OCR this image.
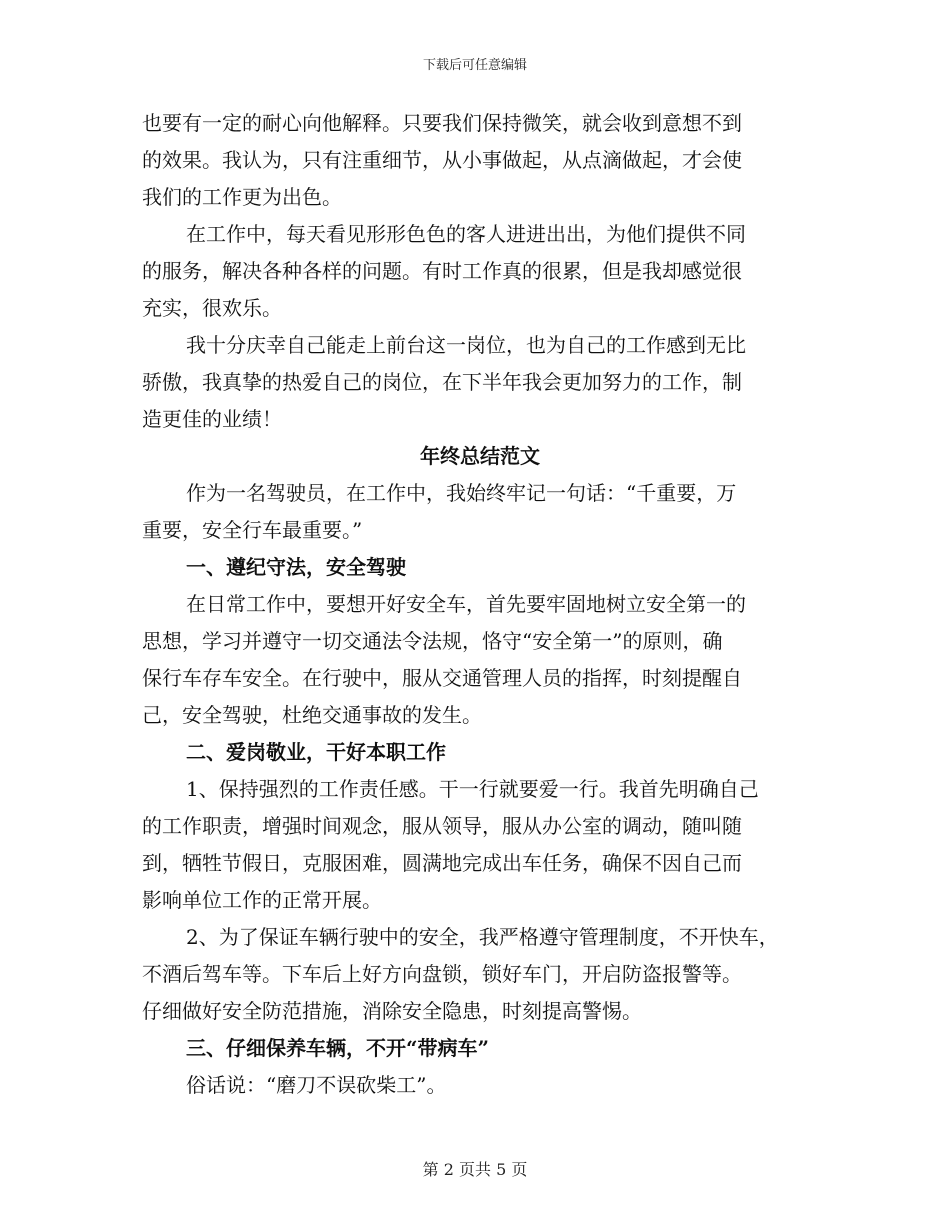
下载后可任意编辑
也要有一定的耐心向他解释。只要我们保持微笑，就会收到意想不到
的效果。我认为，只有注重细节，从小事做起，从点滴做起，才会使
我们的工作更为出色。
在工作中，每天看见形形色色的客人进进出出，为他们提供不同
的服务，解决各种各样的问题。有时工作真的很累，但是我却感觉很
充实，很欢乐。
我十分庆幸自己能走上前台这一岗位，也为自己的工作感到无比
骄傲，我真挚的热爱自己的岗位，在下半年我会更加努力的工作，制
造更佳的业绩！
年终总结范文
作为一名驾驶员，在工作中，我始终牢记一句话：“千重要，万
重要，安全行车最重要。”
一、遵纪守法，安全驾驶
在日常工作中，要想开好安全车，首先要牢固地树立安全第一的
思想，学习并遵守一切交通法令法规，恪守“安全第一”的原则，确
保行车存车安全。在行驶中，服从交通管理人员的指挥，时刻提醒自
己，安全驾驶，杜绝交通事故的发生。
二、爱岗敬业，干好本职工作
1、保持强烈的工作责任感。干一行就要爱一行。我首先明确自己
的工作职责，增强时间观念，服从领导，服从办公室的调动，随叫随
到，牺牲节假日，克服困难，圆满地完成出车任务，确保不因自己而
影响单位工作的正常开展。
2、为了保证车辆行驶中的安全，我严格遵守管理制度，不开快车，
不酒后驾车等。下车后上好方向盘锁，锁好车门，开启防盗报警等。
仔细做好安全防范措施，消除安全隐患，时刻提高警惕。
三、仔细保养车辆，不开“带病车”
俗话说：“磨刀不误砍柴工”。
第 2 页共 5 页
